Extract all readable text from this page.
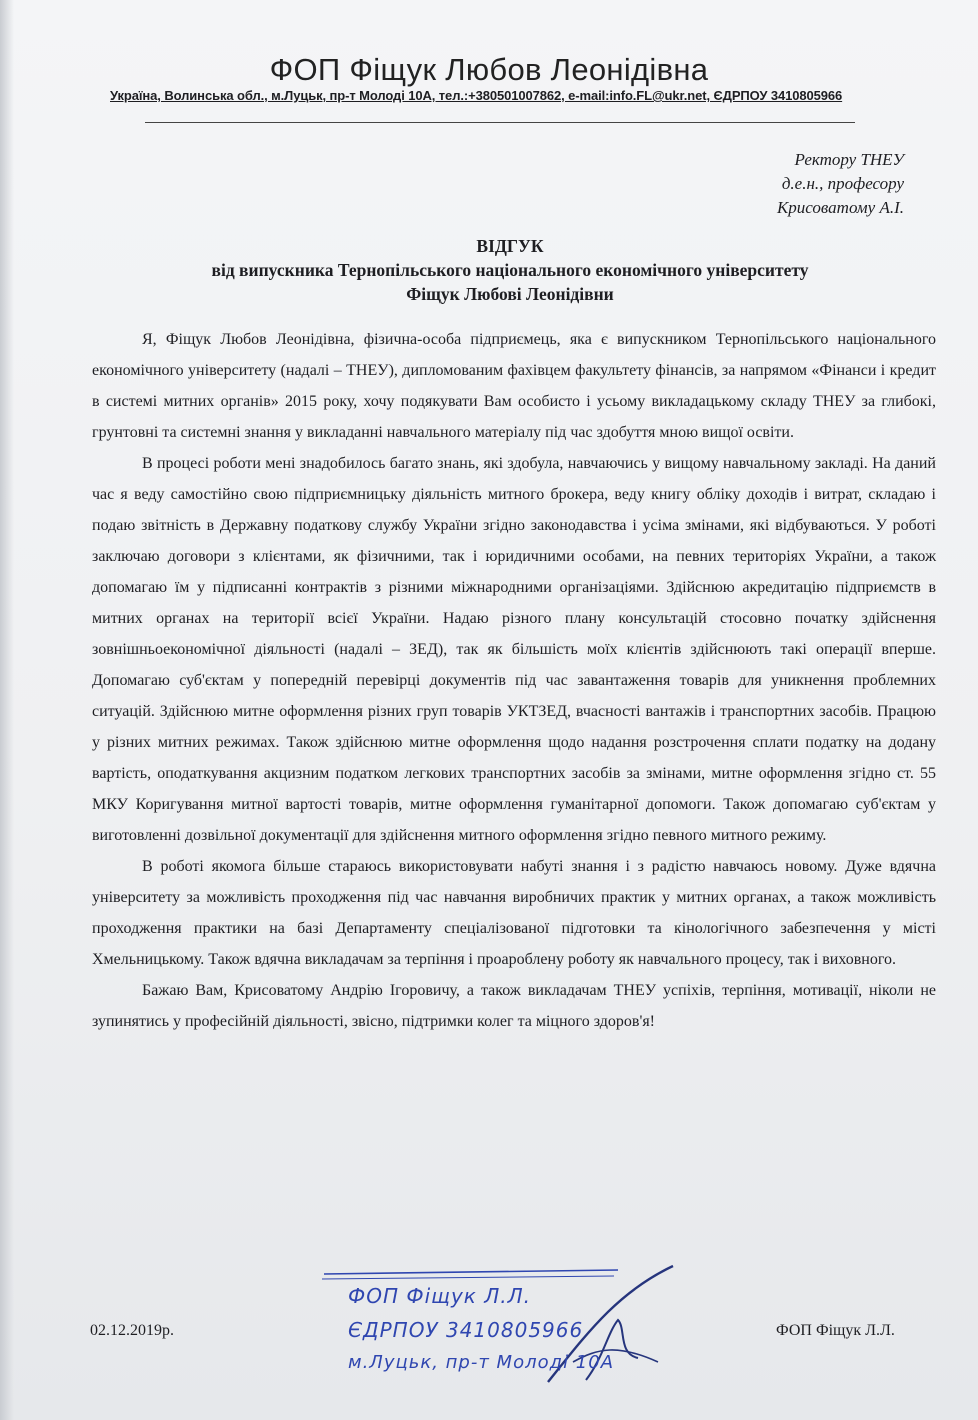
ФОП Фіщук Любов Леонідівна
Україна, Волинська обл., м.Луцьк, пр-т Молоді 10А, тел.:+380501007862, e-mail:info.FL@ukr.net, ЄДРПОУ 3410805966
Ректору ТНЕУ
д.е.н., професору
Крисоватому А.І.
ВІДГУК
від випускника Тернопільського національного економічного університету
Фіщук Любові Леонідівни

Я, Фіщук Любов Леонідівна, фізична-особа підприємець, яка є випускником Тернопільського національного економічного університету (надалі – ТНЕУ), дипломованим фахівцем факультету фінансів, за напрямом «Фінанси і кредит в системі митних органів» 2015 року, хочу подякувати Вам особисто і усьому викладацькому складу ТНЕУ за глибокі, грунтовні та системні знання у викладанні навчального матеріалу під час здобуття мною вищої освіти.

В процесі роботи мені знадобилось багато знань, які здобула, навчаючись у вищому навчальному закладі. На даний час я веду самостійно свою підприємницьку діяльність митного брокера, веду книгу обліку доходів і витрат, складаю і подаю звітність в Державну податкову службу України згідно законодавства і усіма змінами, які відбуваються. У роботі заключаю договори з клієнтами, як фізичними, так і юридичними особами, на певних територіях України, а також допомагаю їм у підписанні контрактів з різними міжнародними організаціями. Здійснюю акредитацію підприємств в митних органах на території всієї України. Надаю різного плану консультацій стосовно початку здійснення зовнішньоекономічної діяльності (надалі – ЗЕД), так як більшість моїх клієнтів здійснюють такі операції вперше. Допомагаю суб'єктам у попередній перевірці документів під час завантаження товарів для уникнення проблемних ситуацій. Здійснюю митне оформлення різних груп товарів УКТЗЕД, вчасності вантажів і транспортних засобів. Працюю у різних митних режимах. Також здійснюю митне оформлення щодо надання розстрочення сплати податку на додану вартість, оподаткування акцизним податком легкових транспортних засобів за змінами, митне оформлення згідно ст. 55 МКУ Коригування митної вартості товарів, митне оформлення гуманітарної допомоги. Також допомагаю суб'єктам у виготовленні дозвільної документації для здійснення митного оформлення згідно певного митного режиму.

В роботі якомога більше стараюсь використовувати набуті знання і з радістю навчаюсь новому. Дуже вдячна університету за можливість проходження під час навчання виробничих практик у митних органах, а також можливість проходження практики на базі Департаменту спеціалізованої підготовки та кінологічного забезпечення у місті Хмельницькому. Також вдячна викладачам за терпіння і проароблену роботу як навчального процесу, так і виховного.

Бажаю Вам, Крисоватому Андрію Ігоровичу, а також викладачам ТНЕУ успіхів, терпіння, мотивації, ніколи не зупинятись у професійній діяльності, звісно, підтримки колег та міцного здоров'я!

ФОП Фіщук Л.Л.
ЄДРПОУ 3410805966
м.Луцьк, пр-т Молоді 10А
02.12.2019р.	ФОП Фіщук Л.Л.
